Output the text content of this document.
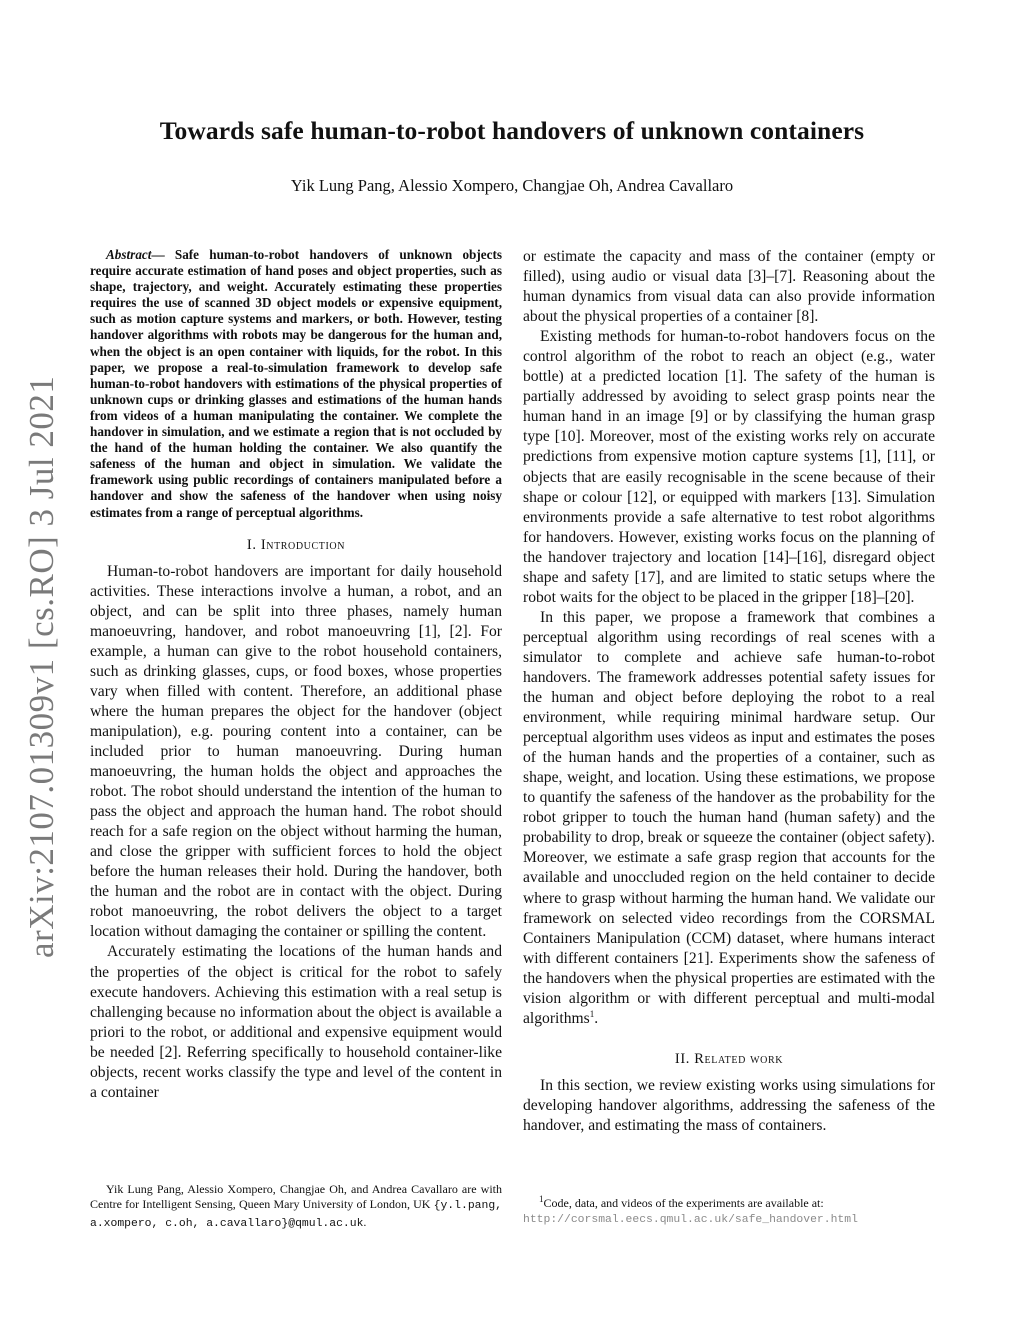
Towards safe human-to-robot handovers of unknown containers
Yik Lung Pang, Alessio Xompero, Changjae Oh, Andrea Cavallaro
arXiv:2107.01309v1 [cs.RO] 3 Jul 2021

Abstract— Safe human-to-robot handovers of unknown objects require accurate estimation of hand poses and object properties, such as shape, trajectory, and weight. Accurately estimating these properties requires the use of scanned 3D object models or expensive equipment, such as motion capture systems and markers, or both. However, testing handover algorithms with robots may be dangerous for the human and, when the object is an open container with liquids, for the robot. In this paper, we propose a real-to-simulation framework to develop safe human-to-robot handovers with estimations of the physical properties of unknown cups or drinking glasses and estimations of the human hands from videos of a human manipulating the container. We complete the handover in simulation, and we estimate a region that is not occluded by the hand of the human holding the container. We also quantify the safeness of the human and object in simulation. We validate the framework using public recordings of containers manipulated before a handover and show the safeness of the handover when using noisy estimates from a range of perceptual algorithms.

I. Introduction

Human-to-robot handovers are important for daily household activities. These interactions involve a human, a robot, and an object, and can be split into three phases, namely human manoeuvring, handover, and robot manoeuvring [1], [2]. For example, a human can give to the robot household containers, such as drinking glasses, cups, or food boxes, whose properties vary when filled with content. Therefore, an additional phase where the human prepares the object for the handover (object manipulation), e.g. pouring content into a container, can be included prior to human manoeuvring. During human manoeuvring, the human holds the object and approaches the robot. The robot should understand the intention of the human to pass the object and approach the human hand. The robot should reach for a safe region on the object without harming the human, and close the gripper with sufficient forces to hold the object before the human releases their hold. During the handover, both the human and the robot are in contact with the object. During robot manoeuvring, the robot delivers the object to a target location without damaging the container or spilling the content.

Accurately estimating the locations of the human hands and the properties of the object is critical for the robot to safely execute handovers. Achieving this estimation with a real setup is challenging because no information about the object is available a priori to the robot, or additional and expensive equipment would be needed [2]. Referring specifically to household container-like objects, recent works classify the type and level of the content in a container

or estimate the capacity and mass of the container (empty or filled), using audio or visual data [3]–[7]. Reasoning about the human dynamics from visual data can also provide information about the physical properties of a container [8].

Existing methods for human-to-robot handovers focus on the control algorithm of the robot to reach an object (e.g., water bottle) at a predicted location [1]. The safety of the human is partially addressed by avoiding to select grasp points near the human hand in an image [9] or by classifying the human grasp type [10]. Moreover, most of the existing works rely on accurate predictions from expensive motion capture systems [1], [11], or objects that are easily recognisable in the scene because of their shape or colour [12], or equipped with markers [13]. Simulation environments provide a safe alternative to test robot algorithms for handovers. However, existing works focus on the planning of the handover trajectory and location [14]–[16], disregard object shape and safety [17], and are limited to static setups where the robot waits for the object to be placed in the gripper [18]–[20].

In this paper, we propose a framework that combines a perceptual algorithm using recordings of real scenes with a simulator to complete and achieve safe human-to-robot handovers. The framework addresses potential safety issues for the human and object before deploying the robot to a real environment, while requiring minimal hardware setup. Our perceptual algorithm uses videos as input and estimates the poses of the human hands and the properties of a container, such as shape, weight, and location. Using these estimations, we propose to quantify the safeness of the handover as the probability for the robot gripper to touch the human hand (human safety) and the probability to drop, break or squeeze the container (object safety). Moreover, we estimate a safe grasp region that accounts for the available and unoccluded region on the held container to decide where to grasp without harming the human hand. We validate our framework on selected video recordings from the CORSMAL Containers Manipulation (CCM) dataset, where humans interact with different containers [21]. Experiments show the safeness of the handovers when the physical properties are estimated with the vision algorithm or with different perceptual and multi-modal algorithms$^1$.

II. Related work

In this section, we review existing works using simulations for developing handover algorithms, addressing the safeness of the handover, and estimating the mass of containers.

Yik Lung Pang, Alessio Xompero, Changjae Oh, and Andrea Cavallaro are with Centre for Intelligent Sensing, Queen Mary University of London, UK {y.l.pang, a.xompero, c.oh, a.cavallaro}@qmul.ac.uk.
$^1$Code, data, and videos of the experiments are available at: http://corsmal.eecs.qmul.ac.uk/safe_handover.html
